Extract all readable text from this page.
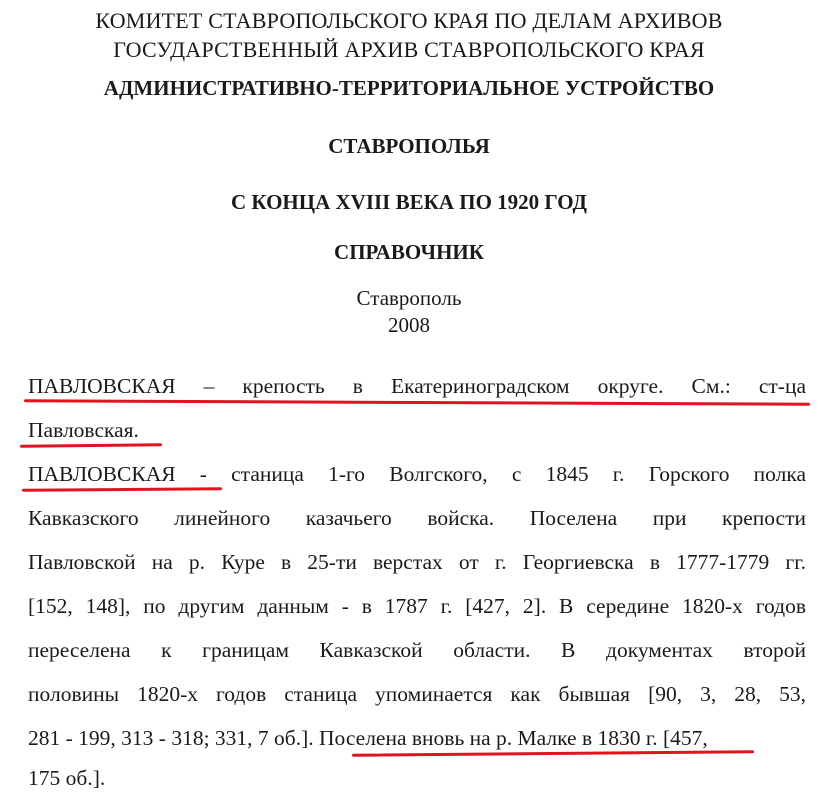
КОМИТЕТ СТАВРОПОЛЬСКОГО КРАЯ ПО ДЕЛАМ АРХИВОВ
ГОСУДАРСТВЕННЫЙ АРХИВ СТАВРОПОЛЬСКОГО КРАЯ
АДМИНИСТРАТИВНО-ТЕРРИТОРИАЛЬНОЕ УСТРОЙСТВО
СТАВРОПОЛЬЯ
С КОНЦА XVIII ВЕКА ПО 1920 ГОД
СПРАВОЧНИК
Ставрополь
2008
ПАВЛОВСКАЯ – крепость в Екатериноградском округе. См.: ст-ца
Павловская.
ПАВЛОВСКАЯ - станица 1-го Волгского, с 1845 г. Горского полка
Кавказского линейного казачьего войска. Поселена при крепости
Павловской на р. Куре в 25-ти верстах от г. Георгиевска в 1777-1779 гг.
[152, 148], по другим данным - в 1787 г. [427, 2]. В середине 1820-х годов
переселена к границам Кавказской области. В документах второй
половины 1820-х годов станица упоминается как бывшая [90, 3, 28, 53,
281 - 199, 313 - 318; 331, 7 об.]. Поселена вновь на р. Малке в 1830 г. [457,
175 об.].
